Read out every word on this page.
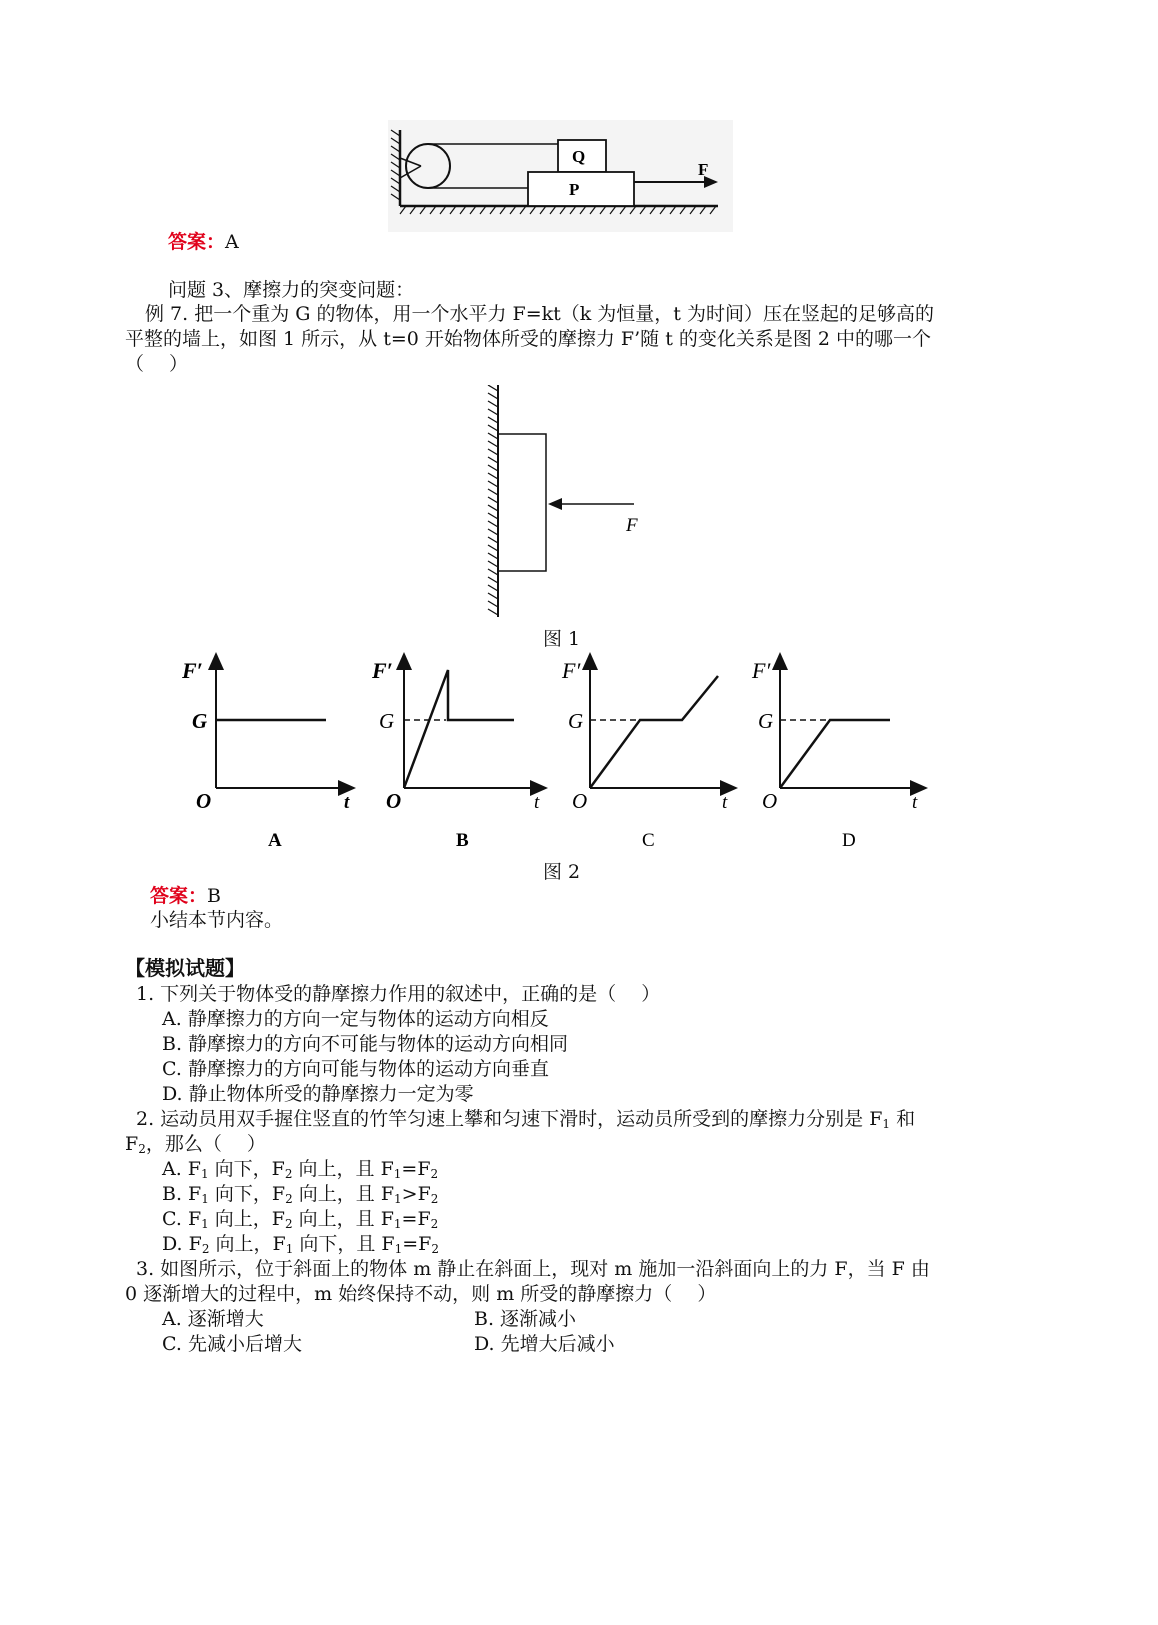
Q
P
F
答案：A
问题 3、摩擦力的突变问题：
例 7. 把一个重为 G 的物体，用一个水平力 F=kt（k 为恒量，t 为时间）压在竖起的足够高的
平整的墙上，如图 1 所示，从 t=0 开始物体所受的摩擦力 F’随 t 的变化关系是图 2 中的哪一个
（　 ）
F
图 1
F′
G
O	t
A
F′
G
O	t
B
F′
G
O	t
C
F′
G
O	t
D
图 2
答案：B
小结本节内容。
【模拟试题】
1. 下列关于物体受的静摩擦力作用的叙述中，正确的是（　 ）
A. 静摩擦力的方向一定与物体的运动方向相反
B. 静摩擦力的方向不可能与物体的运动方向相同
C. 静摩擦力的方向可能与物体的运动方向垂直
D. 静止物体所受的静摩擦力一定为零
2. 运动员用双手握住竖直的竹竿匀速上攀和匀速下滑时，运动员所受到的摩擦力分别是 $F_1$ 和
$F_2$，那么（　 ）
A. $F_1$ 向下，$F_2$ 向上，且 $F_1=F_2$
B. $F_1$ 向下，$F_2$ 向上，且 $F_1>F_2$
C. $F_1$ 向上，$F_2$ 向上，且 $F_1=F_2$
D. $F_2$ 向上，$F_1$ 向下，且 $F_1=F_2$
3. 如图所示，位于斜面上的物体 m 静止在斜面上，现对 m 施加一沿斜面向上的力 F，当 F 由
0 逐渐增大的过程中，m 始终保持不动，则 m 所受的静摩擦力（　 ）
A. 逐渐增大	B. 逐渐减小
C. 先减小后增大	D. 先增大后减小
